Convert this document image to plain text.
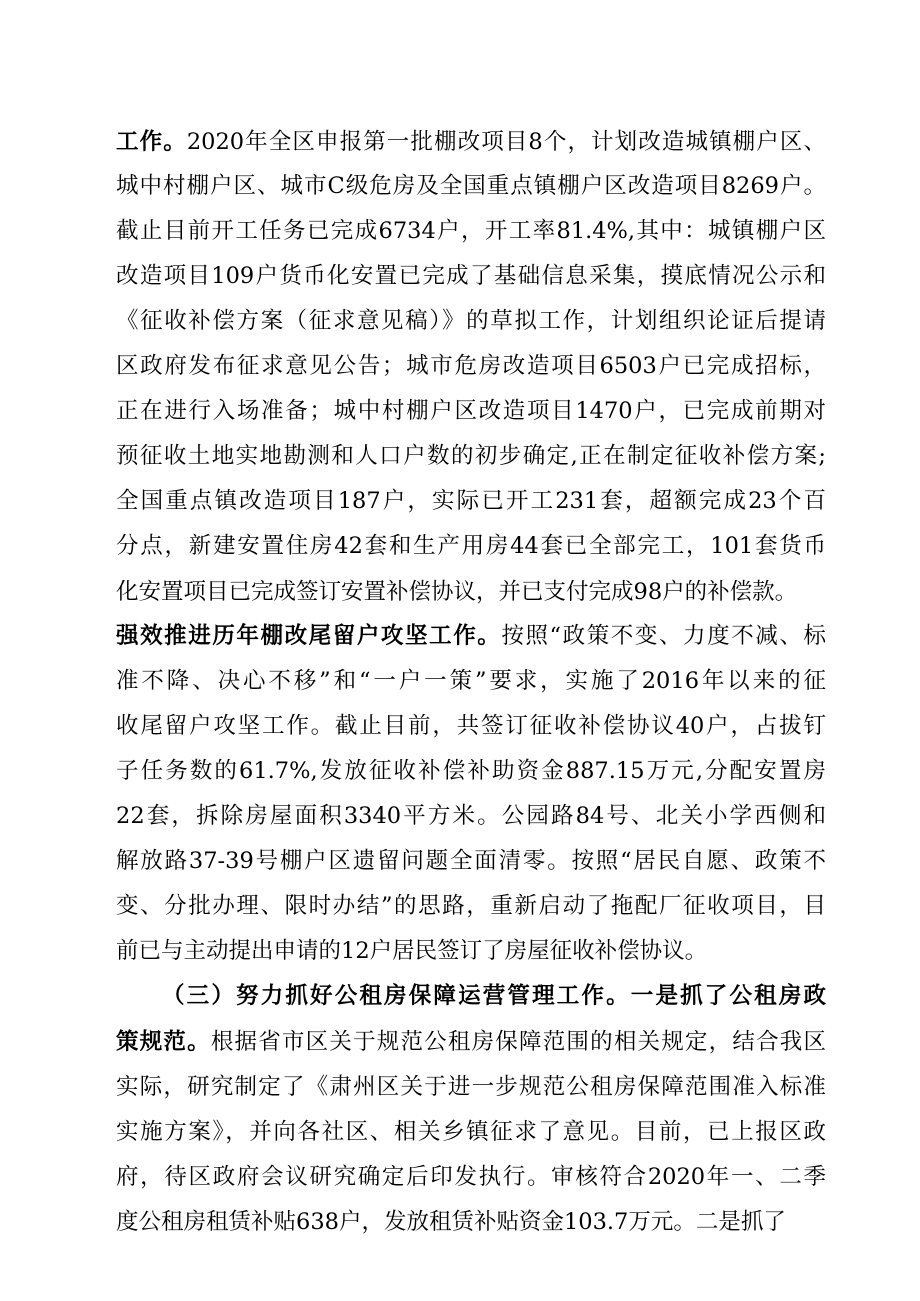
工作。2020年全区申报第一批棚改项目8个，计划改造城镇棚户区、
城中村棚户区、城市C级危房及全国重点镇棚户区改造项目8269户。
截止目前开工任务已完成6734户，开工率81.4%,其中：城镇棚户区
改造项目109户货币化安置已完成了基础信息采集，摸底情况公示和
《征收补偿方案（征求意见稿）》的草拟工作，计划组织论证后提请
区政府发布征求意见公告；城市危房改造项目6503户已完成招标，
正在进行入场准备；城中村棚户区改造项目1470户，已完成前期对
预征收土地实地勘测和人口户数的初步确定,正在制定征收补偿方案;
全国重点镇改造项目187户，实际已开工231套，超额完成23个百
分点，新建安置住房42套和生产用房44套已全部完工，101套货币
化安置项目已完成签订安置补偿协议，并已支付完成98户的补偿款。
强效推进历年棚改尾留户攻坚工作。按照“政策不变、力度不减、标
准不降、决心不移”和“一户一策”要求，实施了2016年以来的征
收尾留户攻坚工作。截止目前，共签订征收补偿协议40户，占拔钉
子任务数的61.7%,发放征收补偿补助资金887.15万元,分配安置房
22套，拆除房屋面积3340平方米。公园路84号、北关小学西侧和
解放路37-39号棚户区遗留问题全面清零。按照“居民自愿、政策不
变、分批办理、限时办结”的思路，重新启动了拖配厂征收项目，目
前已与主动提出申请的12户居民签订了房屋征收补偿协议。
（三）努力抓好公租房保障运营管理工作。一是抓了公租房政
策规范。根据省市区关于规范公租房保障范围的相关规定，结合我区
实际，研究制定了《肃州区关于进一步规范公租房保障范围准入标准
实施方案》，并向各社区、相关乡镇征求了意见。目前，已上报区政
府，待区政府会议研究确定后印发执行。审核符合2020年一、二季
度公租房租赁补贴638户，发放租赁补贴资金103.7万元。二是抓了
